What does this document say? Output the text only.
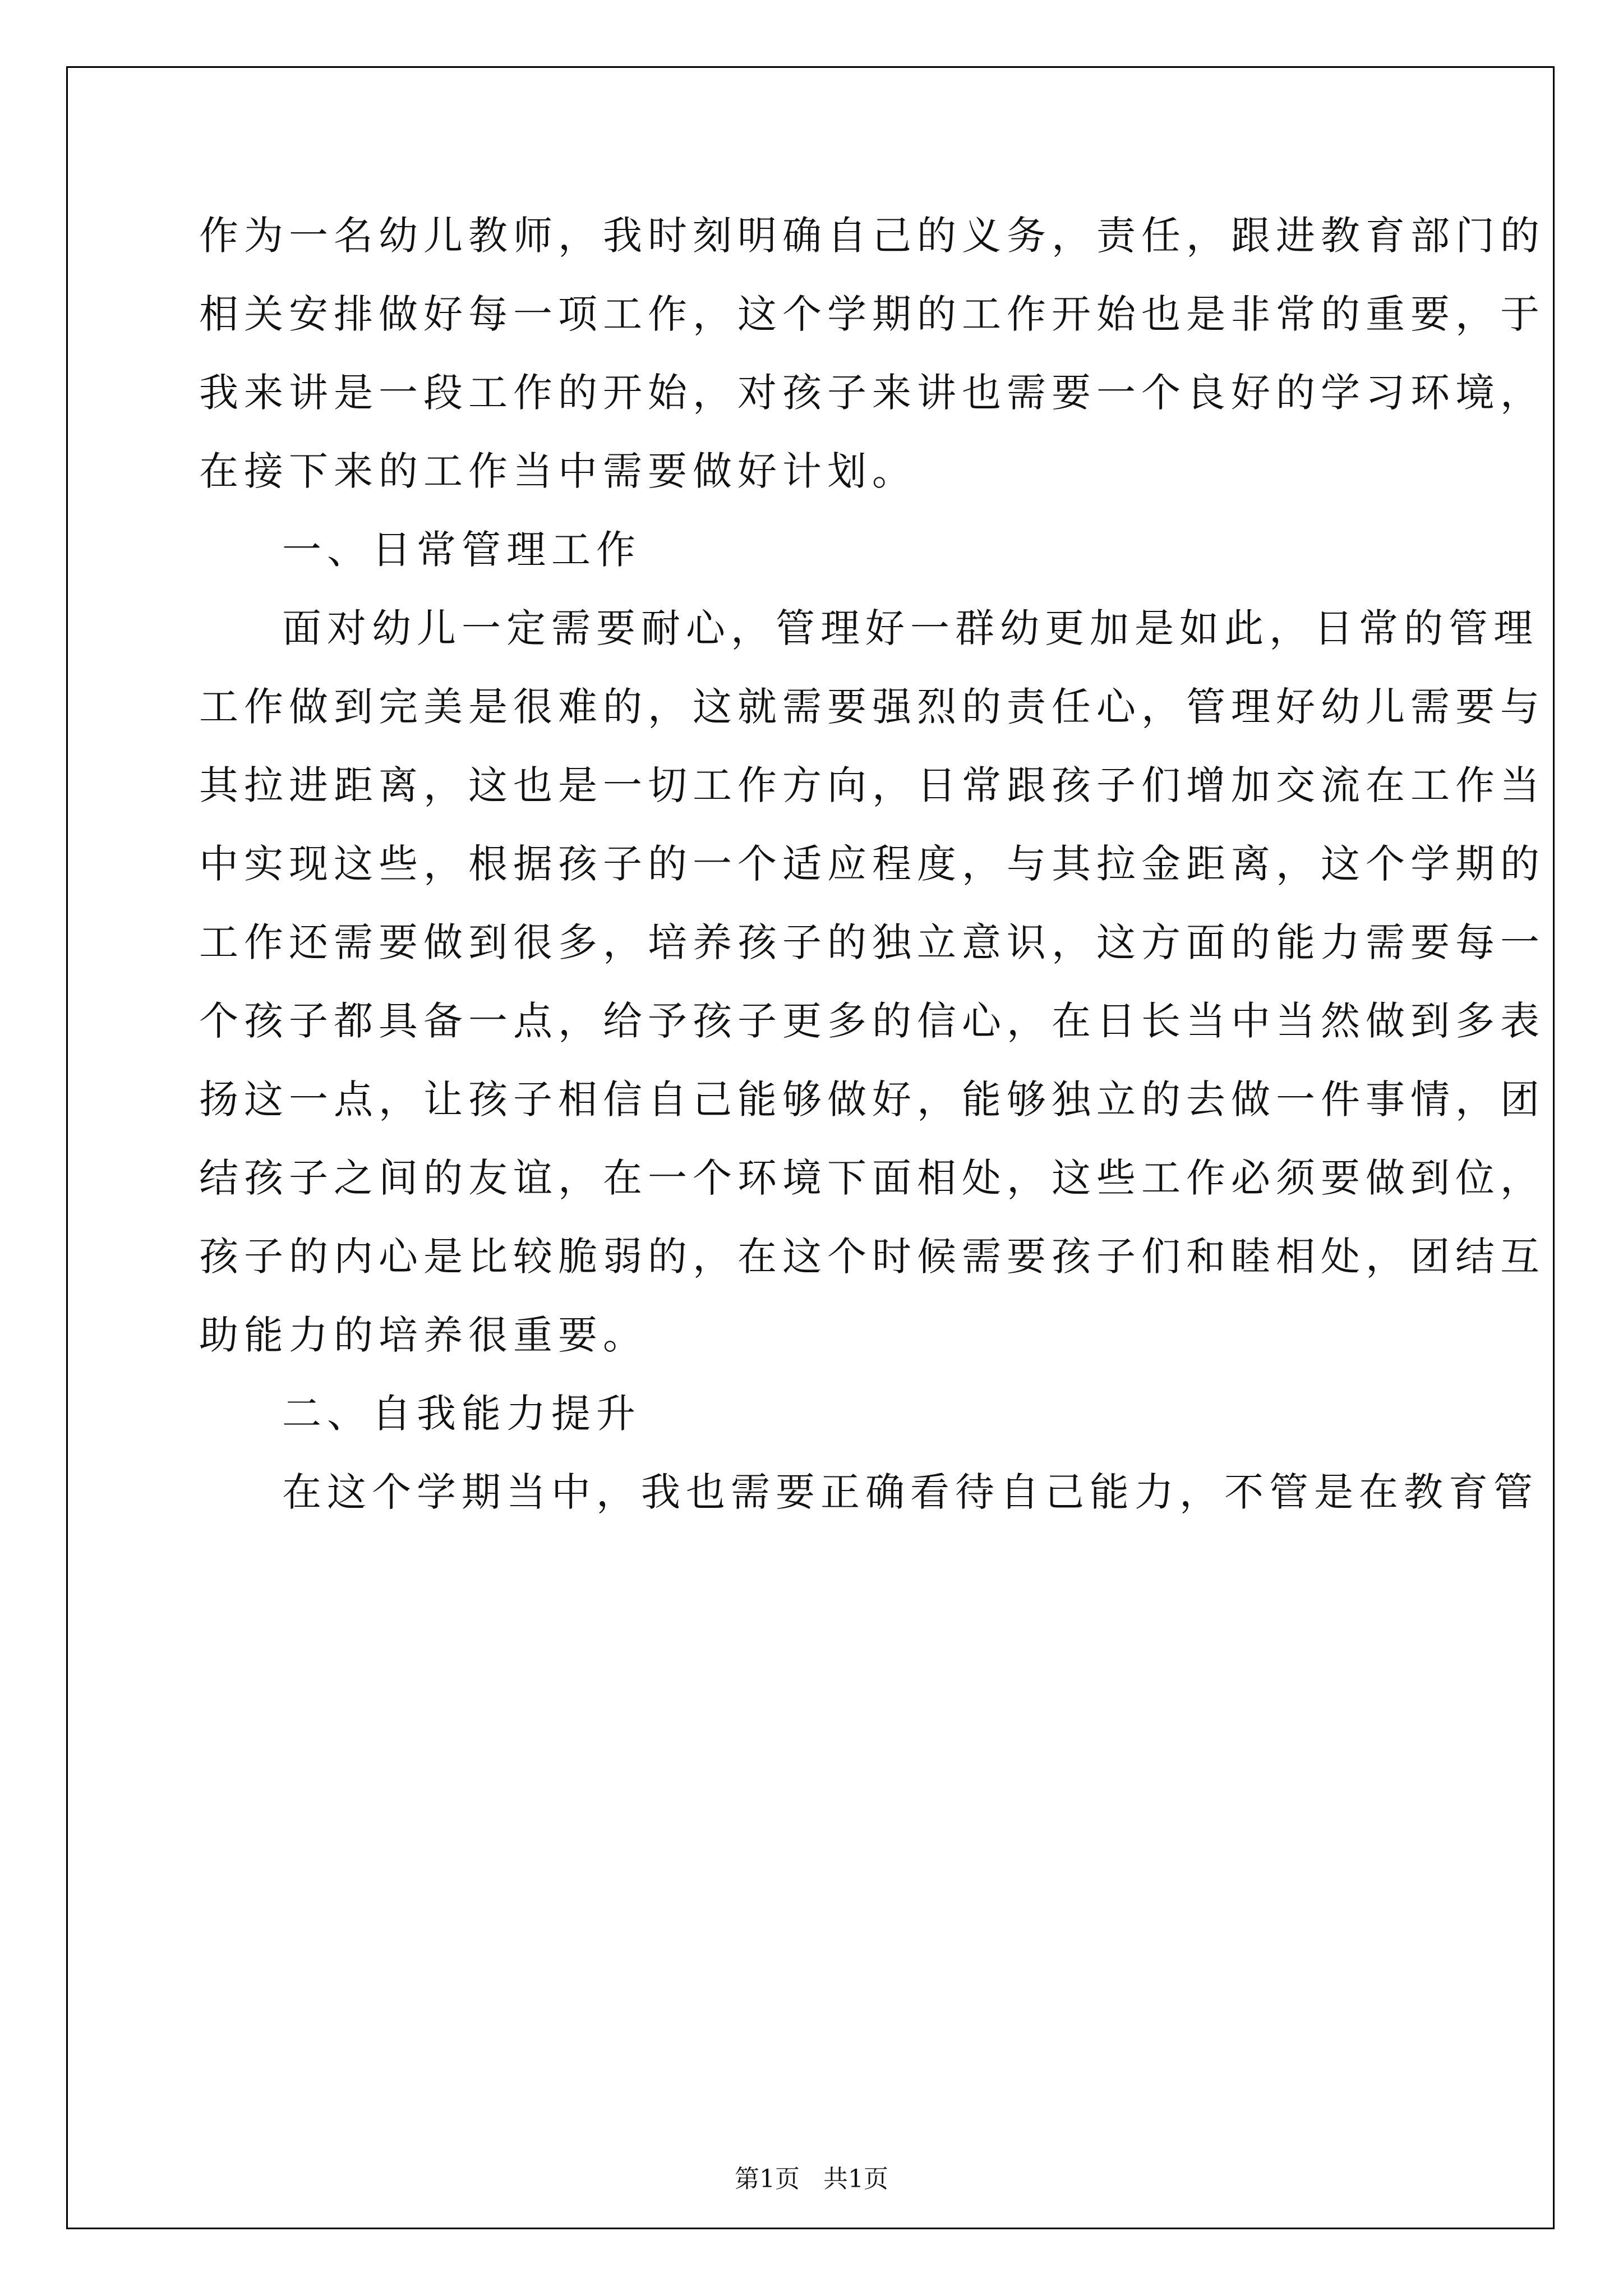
作为一名幼儿教师，我时刻明确自己的义务，责任，跟进教育部门的
相关安排做好每一项工作，这个学期的工作开始也是非常的重要，于
我来讲是一段工作的开始，对孩子来讲也需要一个良好的学习环境，
在接下来的工作当中需要做好计划。
一、日常管理工作
面对幼儿一定需要耐心，管理好一群幼更加是如此，日常的管理
工作做到完美是很难的，这就需要强烈的责任心，管理好幼儿需要与
其拉进距离，这也是一切工作方向，日常跟孩子们增加交流在工作当
中实现这些，根据孩子的一个适应程度，与其拉金距离，这个学期的
工作还需要做到很多，培养孩子的独立意识，这方面的能力需要每一
个孩子都具备一点，给予孩子更多的信心，在日长当中当然做到多表
扬这一点，让孩子相信自己能够做好，能够独立的去做一件事情，团
结孩子之间的友谊，在一个环境下面相处，这些工作必须要做到位，
孩子的内心是比较脆弱的，在这个时候需要孩子们和睦相处，团结互
助能力的培养很重要。
二、自我能力提升
在这个学期当中，我也需要正确看待自己能力，不管是在教育管
第1页   共1页
